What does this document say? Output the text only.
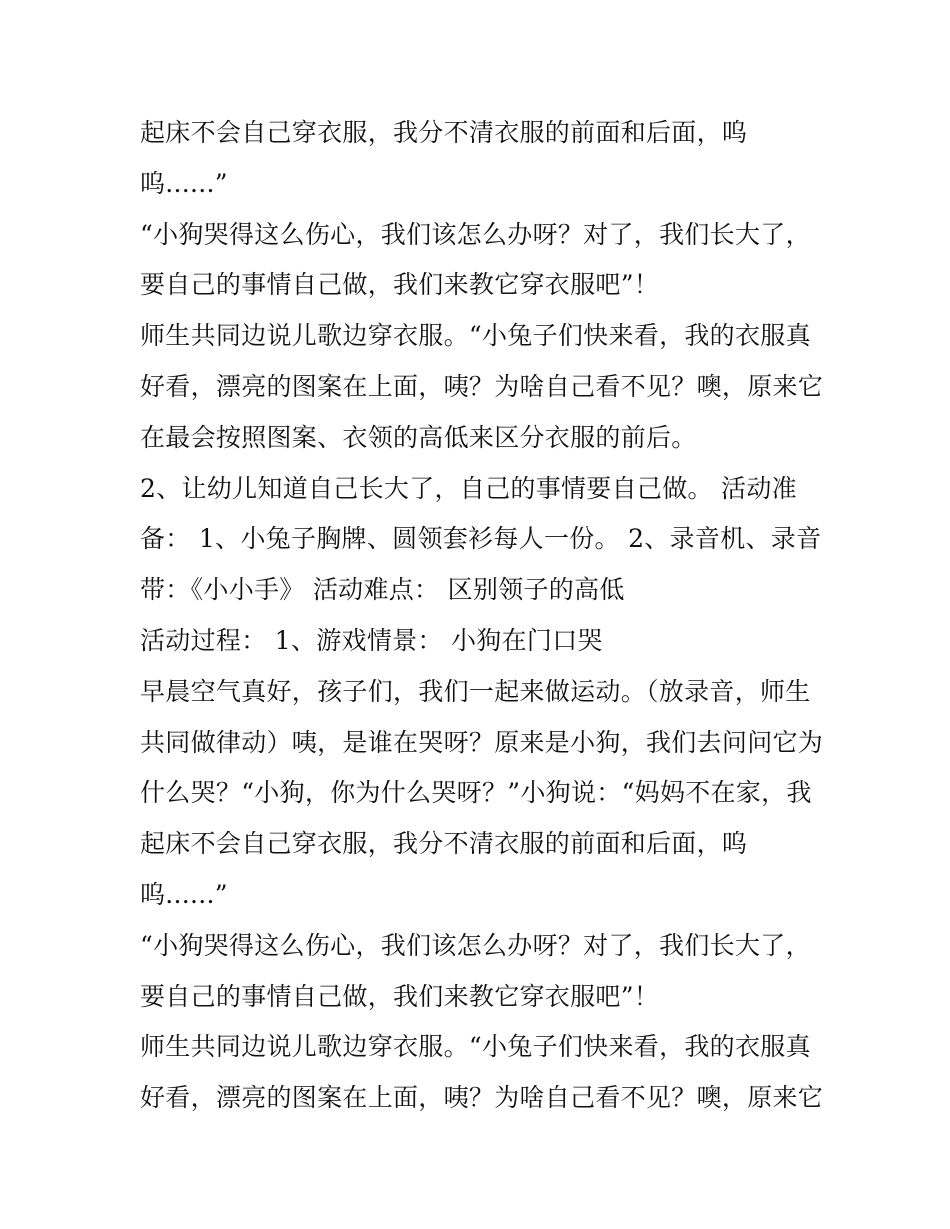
起床不会自己穿衣服，我分不清衣服的前面和后面，呜
呜......”
“小狗哭得这么伤心，我们该怎么办呀？对了，我们长大了，
要自己的事情自己做，我们来教它穿衣服吧”！
师生共同边说儿歌边穿衣服。“小兔子们快来看，我的衣服真
好看，漂亮的图案在上面，咦？为啥自己看不见？噢，原来它
在最会按照图案、衣领的高低来区分衣服的前后。
2、让幼儿知道自己长大了，自己的事情要自己做。 活动准
备： 1、小兔子胸牌、圆领套衫每人一份。 2、录音机、录音
带：《小小手》 活动难点： 区别领子的高低
活动过程： 1、游戏情景： 小狗在门口哭
早晨空气真好，孩子们，我们一起来做运动。（放录音，师生
共同做律动）咦，是谁在哭呀？原来是小狗，我们去问问它为
什么哭？“小狗，你为什么哭呀？”小狗说：“妈妈不在家，我
起床不会自己穿衣服，我分不清衣服的前面和后面，呜
呜......”
“小狗哭得这么伤心，我们该怎么办呀？对了，我们长大了，
要自己的事情自己做，我们来教它穿衣服吧”！
师生共同边说儿歌边穿衣服。“小兔子们快来看，我的衣服真
好看，漂亮的图案在上面，咦？为啥自己看不见？噢，原来它
